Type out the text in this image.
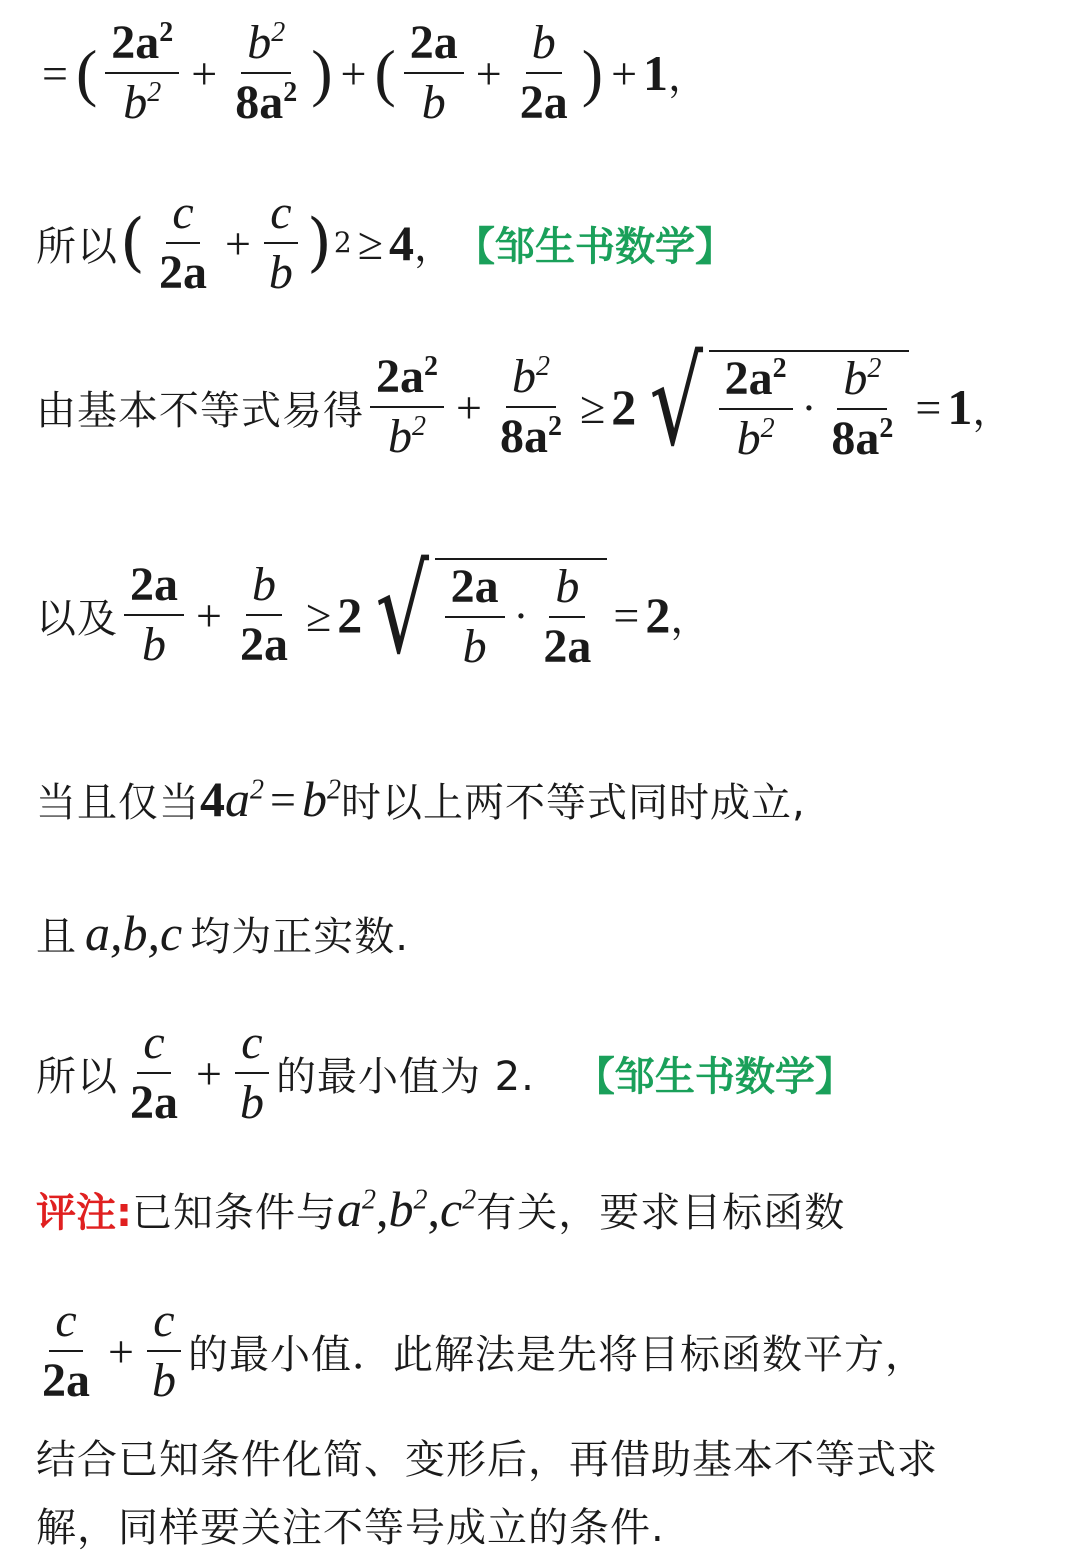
= ( $\frac{2a^2}{b^2} + \frac{b^2}{8a^2}$ ) + ( $\frac{2a}{b} + \frac{b}{2a}$ ) + 1 ，
所以 ( $\frac{c}{2a} + \frac{c}{b}$ ) 2 ≥ 4 ， 【邹生书数学】
由基本不等式易得 $\frac{2a^2}{b^2} + \frac{b^2}{8a^2} \ge 2$ √ $\frac{2a^2}{b^2} \cdot \frac{b^2}{8a^2} = 1$ ，
以及 $\frac{2a}{b} + \frac{b}{2a} \ge 2$ √ $\frac{2a}{b} \cdot \frac{b}{2a} = 2$ ，
当且仅当 4 $a^2 = b^2$ 时以上两不等式同时成立,
且 a,b,c 均为正实数.
所以 $\frac{c}{2a} + \frac{c}{b}$ 的最小值为 2. 【邹生书数学】
评注: 已知条件与 $a^2$ , $b^2$ , $c^2$ 有关，要求目标函数
$\frac{c}{2a} + \frac{c}{b}$ 的最小值．此解法是先将目标函数平方，
结合已知条件化简、变形后，再借助基本不等式求
解，同样要关注不等号成立的条件.
